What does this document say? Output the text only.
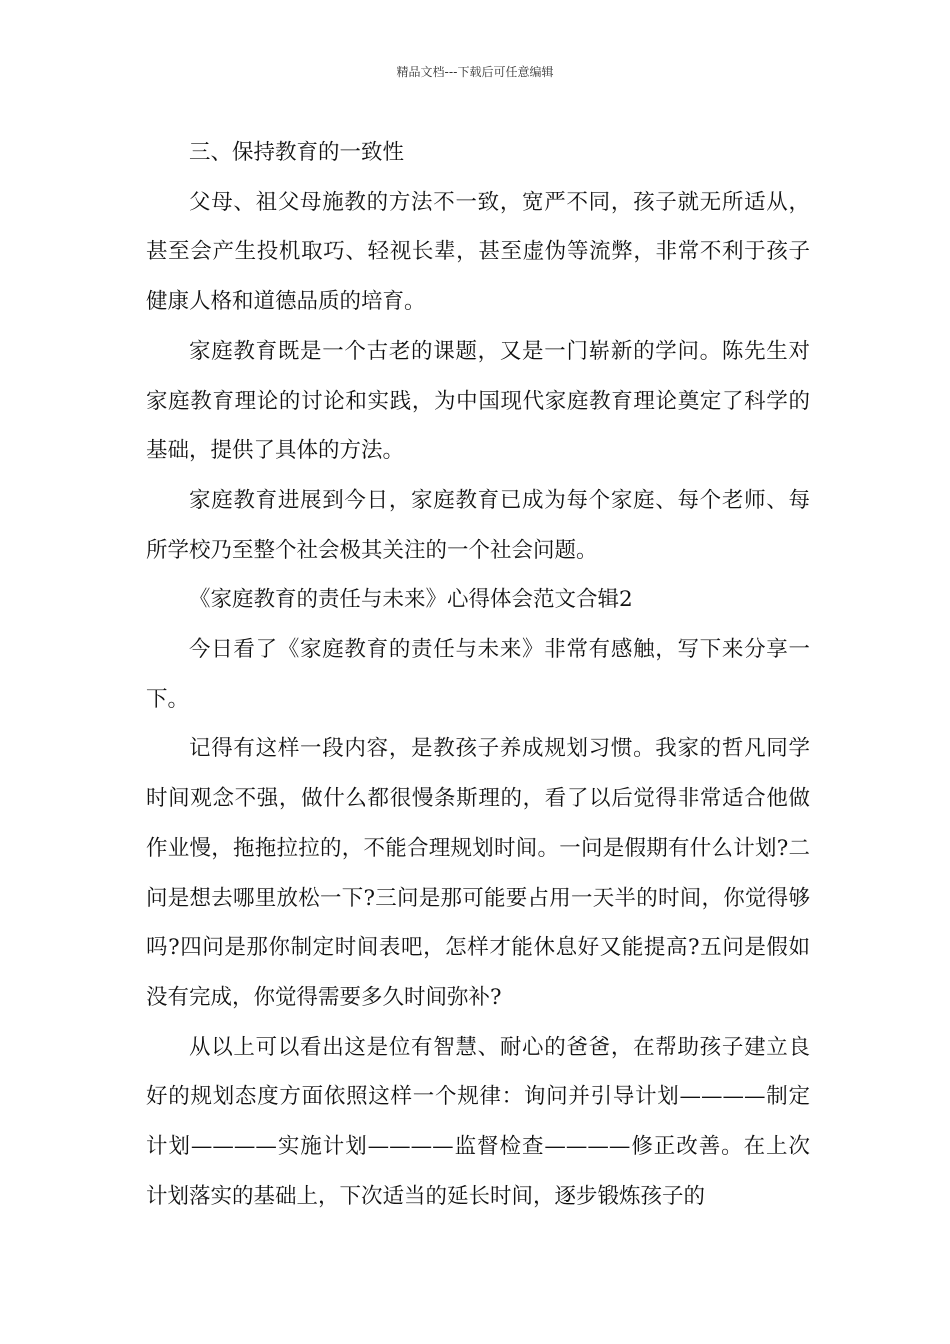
精品文档---下载后可任意编辑

三、保持教育的一致性

父母、祖父母施教的方法不一致，宽严不同，孩子就无所适从，甚至会产生投机取巧、轻视长辈，甚至虚伪等流弊，非常不利于孩子健康人格和道德品质的培育。

家庭教育既是一个古老的课题，又是一门崭新的学问。陈先生对家庭教育理论的讨论和实践，为中国现代家庭教育理论奠定了科学的基础，提供了具体的方法。

家庭教育进展到今日，家庭教育已成为每个家庭、每个老师、每所学校乃至整个社会极其关注的一个社会问题。

《家庭教育的责任与未来》心得体会范文合辑2

今日看了《家庭教育的责任与未来》非常有感触，写下来分享一下。

记得有这样一段内容，是教孩子养成规划习惯。我家的哲凡同学时间观念不强，做什么都很慢条斯理的，看了以后觉得非常适合他做作业慢，拖拖拉拉的，不能合理规划时间。一问是假期有什么计划?二问是想去哪里放松一下?三问是那可能要占用一天半的时间，你觉得够吗?四问是那你制定时间表吧，怎样才能休息好又能提高?五问是假如没有完成，你觉得需要多久时间弥补?

从以上可以看出这是位有智慧、耐心的爸爸，在帮助孩子建立良好的规划态度方面依照这样一个规律：询问并引导计划————制定计划————实施计划————监督检查————修正改善。在上次计划落实的基础上，下次适当的延长时间，逐步锻炼孩子的
